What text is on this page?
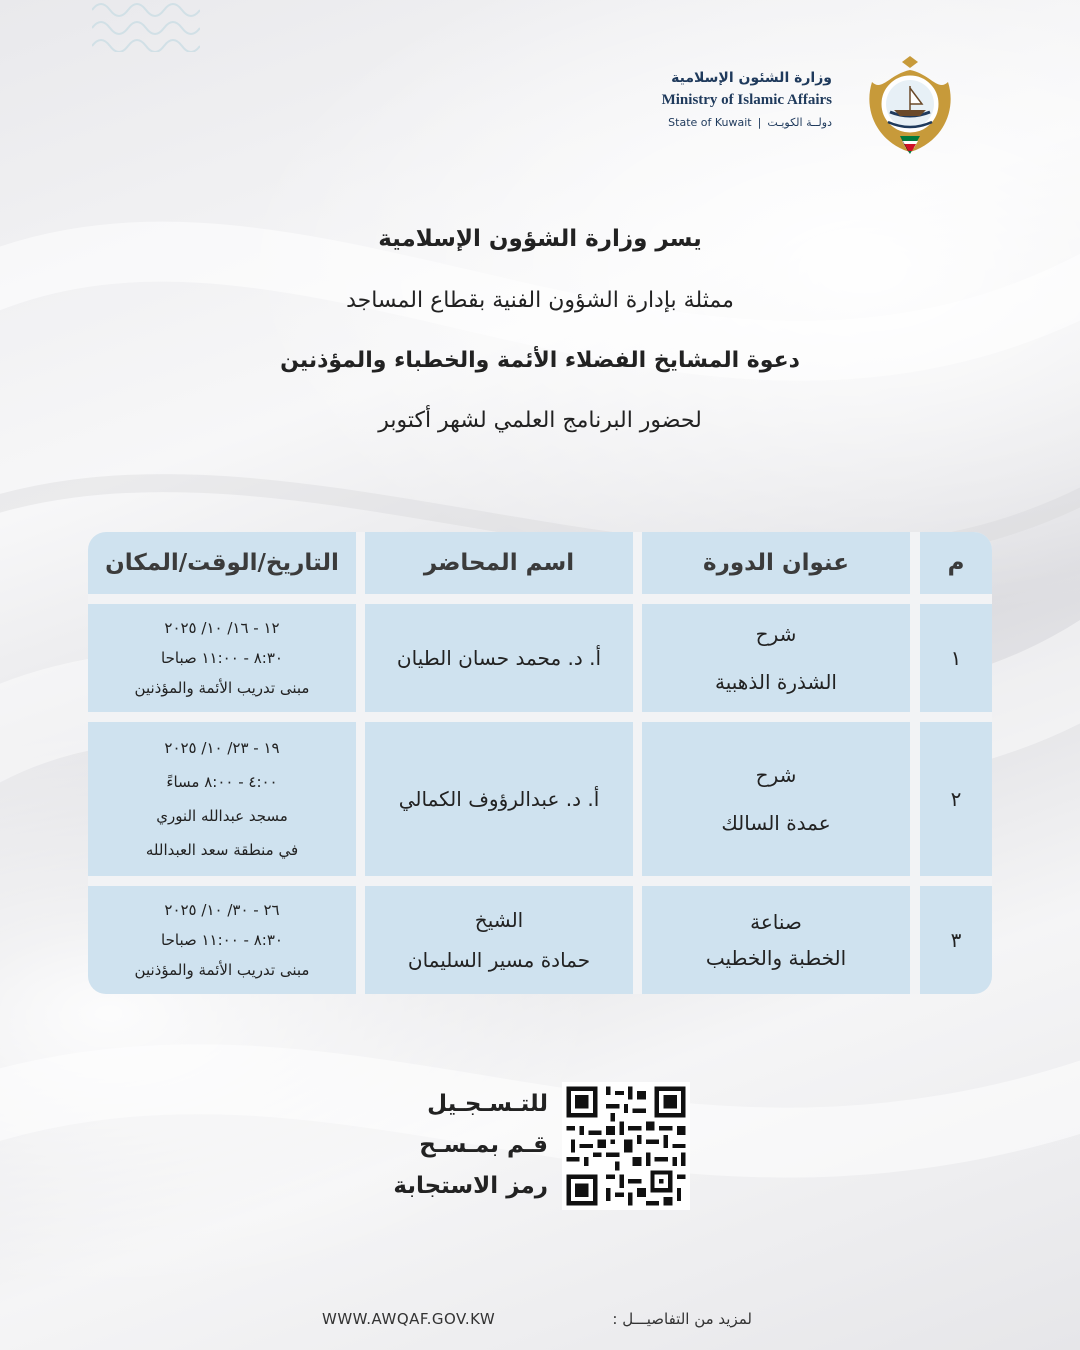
وزارة الشئون الإسلامية
Ministry of Islamic Affairs
State of Kuwait | دولــة الكويـت
يسر وزارة الشؤون الإسلامية
ممثلة بإدارة الشؤون الفنية بقطاع المساجد
دعوة المشايخ الفضلاء الأئمة والخطباء والمؤذنين
لحضور البرنامج العلمي لشهر أكتوبر
م
عنوان الدورة
اسم المحاضر
التاريخ/الوقت/المكان
١
شرح
الشذرة الذهبية
أ. د. محمد حسان الطيان
١٢ - ١٦/ ١٠/ ٢٠٢٥
٨:٣٠ - ١١:٠٠ صباحا
مبنى تدريب الأئمة والمؤذنين
٢
شرح
عمدة السالك
أ. د. عبدالرؤوف الكمالي
١٩ - ٢٣/ ١٠/ ٢٠٢٥
٤:٠٠ - ٨:٠٠ مساءً
مسجد عبدالله النوري
في منطقة سعد العبدالله
٣
صناعة
الخطبة والخطيب
الشيخ
حمادة مسير السليمان
٢٦ - ٣٠/ ١٠/ ٢٠٢٥
٨:٣٠ - ١١:٠٠ صباحا
مبنى تدريب الأئمة والمؤذنين
للتـسـجـيل
قـم بمـسـح
رمز الاستجابة
WWW.AWQAF.GOV.KW	لمزيد من التفاصيـــل :
